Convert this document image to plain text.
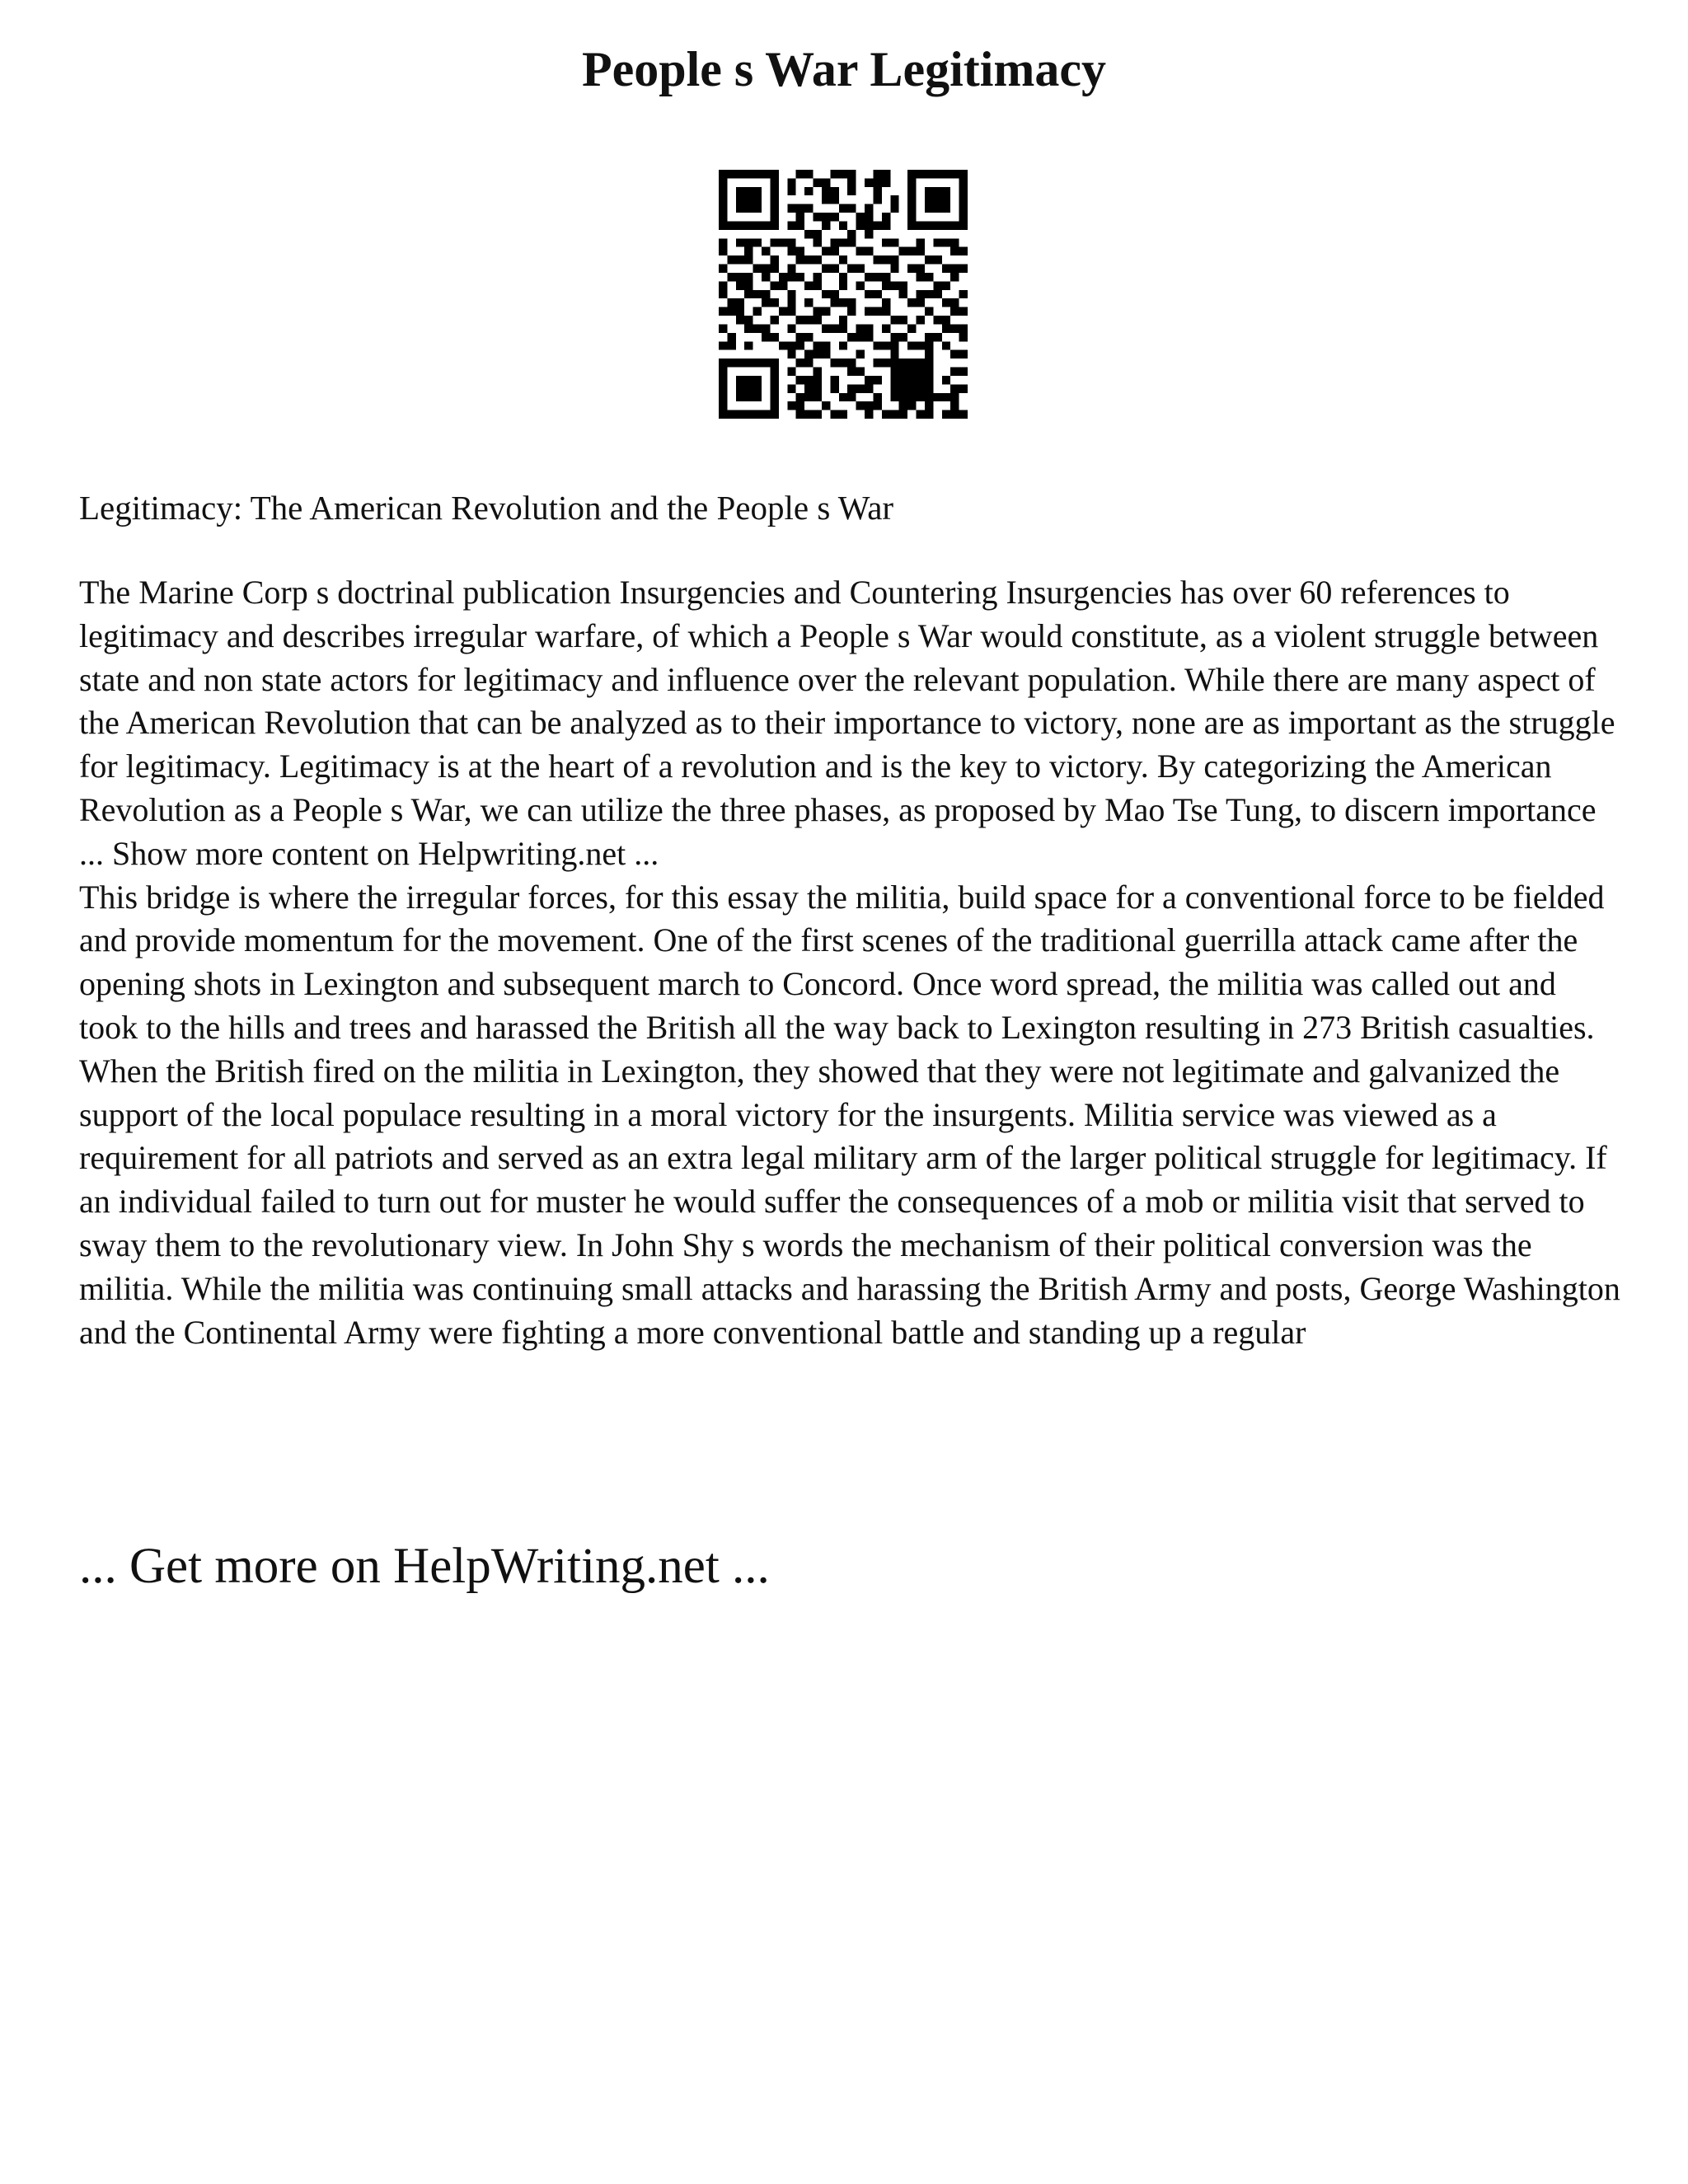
People s War Legitimacy

Legitimacy: The American Revolution and the People s War

The Marine Corp s doctrinal publication Insurgencies and Countering Insurgencies has over 60 references to legitimacy and describes irregular warfare, of which a People s War would constitute, as a violent struggle between state and non state actors for legitimacy and influence over the relevant population. While there are many aspect of the American Revolution that can be analyzed as to their importance to victory, none are as important as the struggle for legitimacy. Legitimacy is at the heart of a revolution and is the key to victory. By categorizing the American Revolution as a People s War, we can utilize the three phases, as proposed by Mao Tse Tung, to discern importance ... Show more content on Helpwriting.net ...

This bridge is where the irregular forces, for this essay the militia, build space for a conventional force to be fielded and provide momentum for the movement. One of the first scenes of the traditional guerrilla attack came after the opening shots in Lexington and subsequent march to Concord. Once word spread, the militia was called out and took to the hills and trees and harassed the British all the way back to Lexington resulting in 273 British casualties. When the British fired on the militia in Lexington, they showed that they were not legitimate and galvanized the support of the local populace resulting in a moral victory for the insurgents. Militia service was viewed as a requirement for all patriots and served as an extra legal military arm of the larger political struggle for legitimacy. If an individual failed to turn out for muster he would suffer the consequences of a mob or militia visit that served to sway them to the revolutionary view. In John Shy s words the mechanism of their political conversion was the militia. While the militia was continuing small attacks and harassing the British Army and posts, George Washington and the Continental Army were fighting a more conventional battle and standing up a regular

... Get more on HelpWriting.net ...
